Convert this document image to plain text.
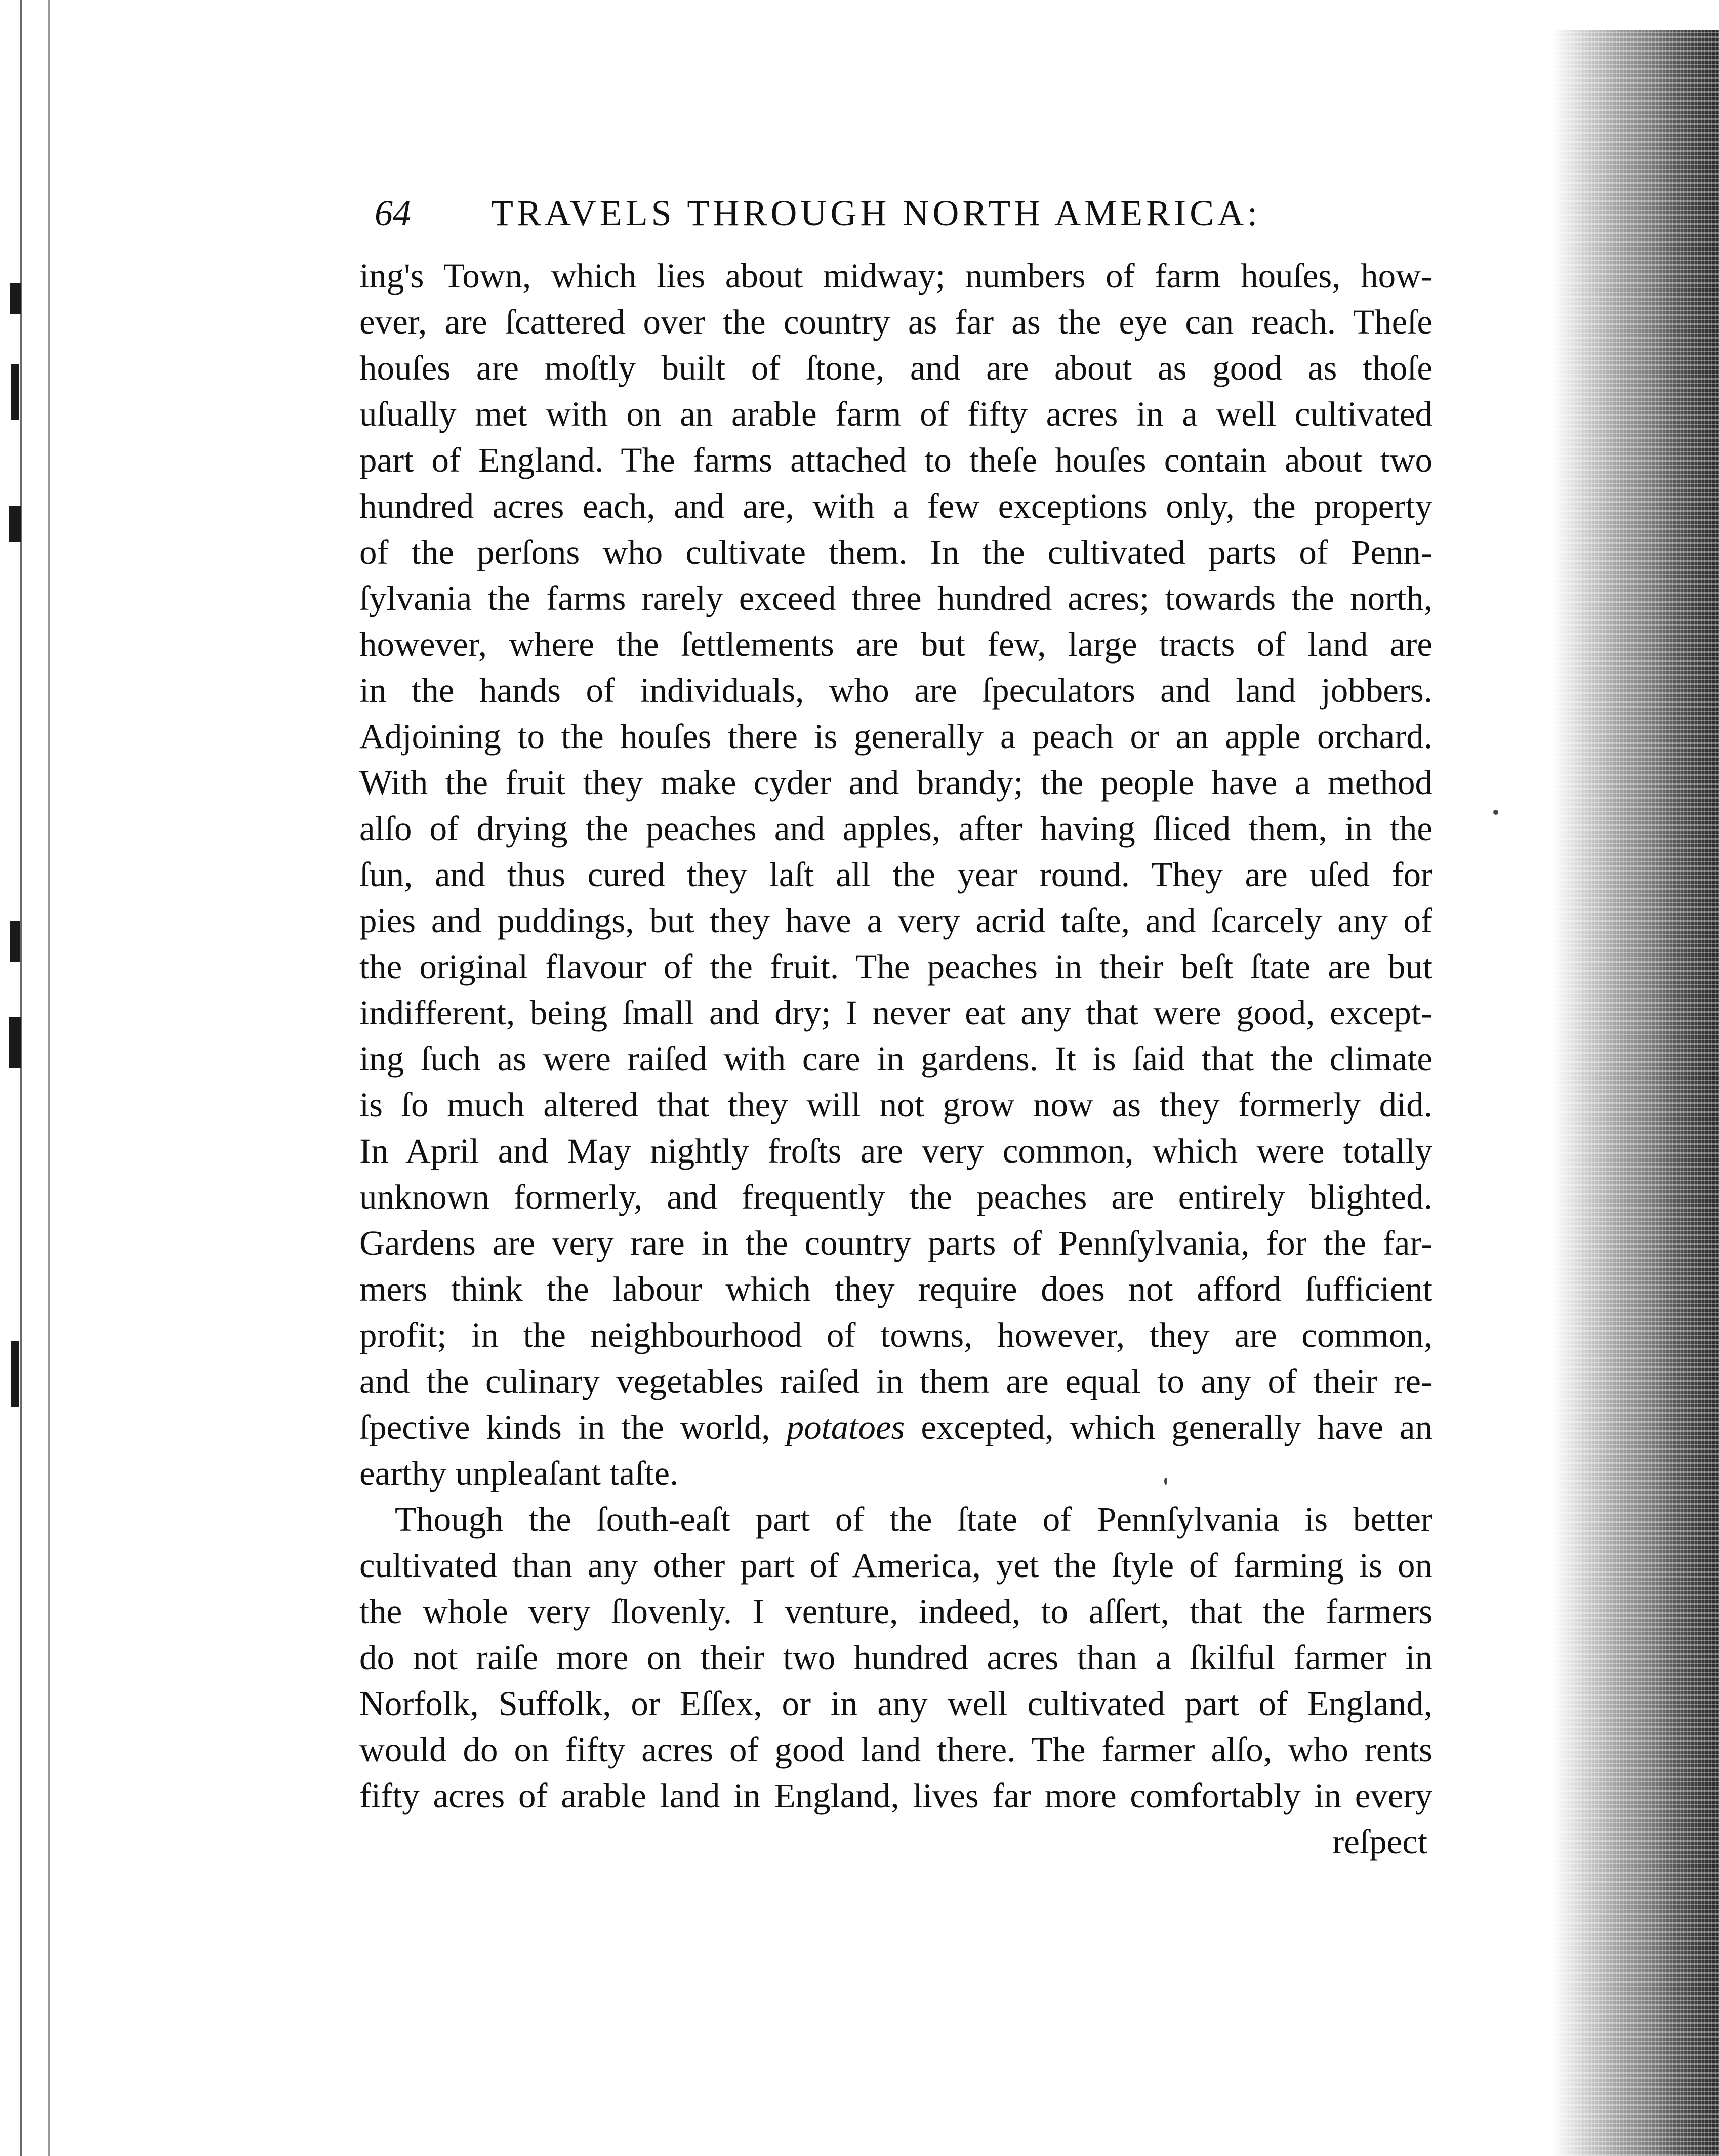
64 TRAVELS THROUGH NORTH AMERICA:
ing's Town, which lies about midway; numbers of farm houſes, how-
ever, are ſcattered over the country as far as the eye can reach. Theſe
houſes are moſtly built of ſtone, and are about as good as thoſe
uſually met with on an arable farm of fifty acres in a well cultivated
part of England. The farms attached to theſe houſes contain about two
hundred acres each, and are, with a few exceptions only, the property
of the perſons who cultivate them. In the cultivated parts of Penn-
ſylvania the farms rarely exceed three hundred acres; towards the north,
however, where the ſettlements are but few, large tracts of land are
in the hands of individuals, who are ſpeculators and land jobbers.
Adjoining to the houſes there is generally a peach or an apple orchard.
With the fruit they make cyder and brandy; the people have a method
alſo of drying the peaches and apples, after having ſliced them, in the
ſun, and thus cured they laſt all the year round. They are uſed for
pies and puddings, but they have a very acrid taſte, and ſcarcely any of
the original flavour of the fruit. The peaches in their beſt ſtate are but
indifferent, being ſmall and dry; I never eat any that were good, except-
ing ſuch as were raiſed with care in gardens. It is ſaid that the climate
is ſo much altered that they will not grow now as they formerly did.
In April and May nightly froſts are very common, which were totally
unknown formerly, and frequently the peaches are entirely blighted.
Gardens are very rare in the country parts of Pennſylvania, for the far-
mers think the labour which they require does not afford ſufficient
profit; in the neighbourhood of towns, however, they are common,
and the culinary vegetables raiſed in them are equal to any of their re-
ſpective kinds in the world, potatoes excepted, which generally have an
earthy unpleaſant taſte.
Though the ſouth-eaſt part of the ſtate of Pennſylvania is better
cultivated than any other part of America, yet the ſtyle of farming is on
the whole very ſlovenly. I venture, indeed, to aſſert, that the farmers
do not raiſe more on their two hundred acres than a ſkilful farmer in
Norfolk, Suffolk, or Eſſex, or in any well cultivated part of England,
would do on fifty acres of good land there. The farmer alſo, who rents
fifty acres of arable land in England, lives far more comfortably in every
reſpect
